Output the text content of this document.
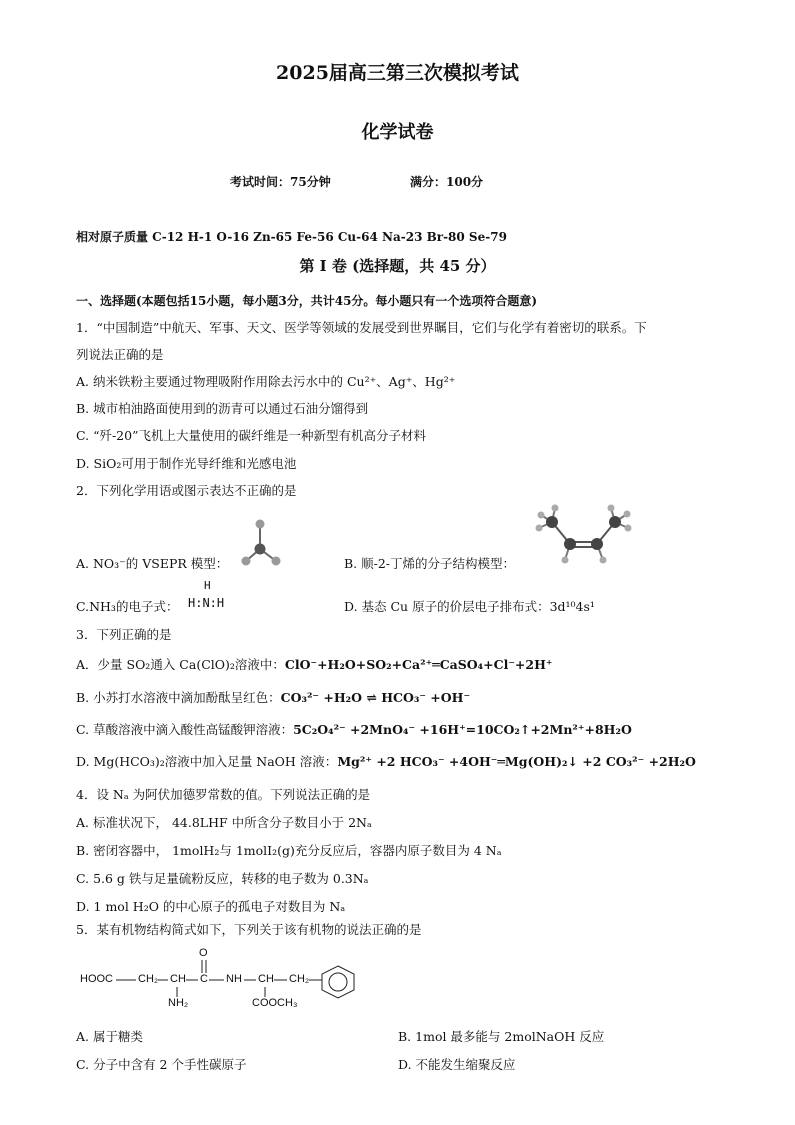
2025届高三第三次模拟考试
化学试卷
考试时间：75分钟	满分：100分
相对原子质量 C-12 H-1 O-16 Zn-65 Fe-56 Cu-64 Na-23 Br-80 Se-79
第 I 卷 (选择题，共 45 分）
一、选择题(本题包括15小题，每小题3分，共计45分。每小题只有一个选项符合题意)
1．“中国制造”中航天、军事、天文、医学等领域的发展受到世界瞩目，它们与化学有着密切的联系。下
列说法正确的是
A. 纳米铁粉主要通过物理吸附作用除去污水中的 Cu²⁺、Ag⁺、Hg²⁺
B. 城市柏油路面使用到的沥青可以通过石油分馏得到
C. “歼-20”飞机上大量使用的碳纤维是一种新型有机高分子材料
D. SiO₂可用于制作光导纤维和光感电池
2．下列化学用语或图示表达不正确的是
A. NO₃⁻的 VSEPR 模型：	B. 顺-2-丁烯的分子结构模型：
C.NH₃的电子式：
H
H:N:H	D. 基态 Cu 原子的价层电子排布式：3d¹⁰4s¹
3．下列正确的是
A．少量 SO₂通入 Ca(ClO)₂溶液中：ClO⁻+H₂O+SO₂+Ca²⁺═CaSO₄+Cl⁻+2H⁺
B. 小苏打水溶液中滴加酚酞呈红色：CO₃²⁻ +H₂O ⇌ HCO₃⁻ +OH⁻
C. 草酸溶液中滴入酸性高锰酸钾溶液：5C₂O₄²⁻ +2MnO₄⁻ +16H⁺=10CO₂↑+2Mn²⁺+8H₂O
D. Mg(HCO₃)₂溶液中加入足量 NaOH 溶液：Mg²⁺ +2 HCO₃⁻ +4OH⁻═Mg(OH)₂↓ +2 CO₃²⁻ +2H₂O
4．设 Nₐ 为阿伏加德罗常数的值。下列说法正确的是
A. 标准状况下， 44.8LHF 中所含分子数目小于 2Nₐ
B. 密闭容器中， 1molH₂与 1molI₂(g)充分反应后，容器内原子数目为 4 Nₐ
C. 5.6 g 铁与足量硫粉反应，转移的电子数为 0.3Nₐ
D. 1 mol H₂O 的中心原子的孤电子对数目为 Nₐ
5．某有机物结构简式如下，下列关于该有机物的说法正确的是
HOOC CH₂ CH C
O
NH CH CH₂
NH₂	COOCH₃
A. 属于糖类	B. 1mol 最多能与 2molNaOH 反应
C. 分子中含有 2 个手性碳原子	D. 不能发生缩聚反应
